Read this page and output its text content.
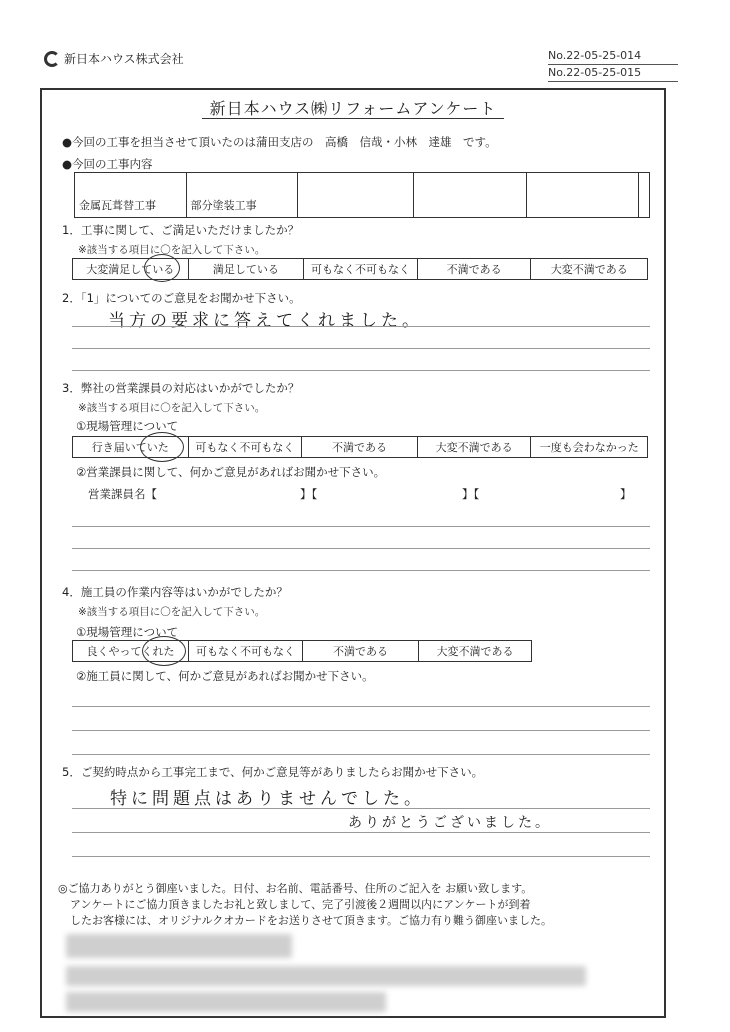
新日本ハウス株式会社	No.22-05-25-014
No.22-05-25-015
新日本ハウス㈱リフォームアンケート
●今回の工事を担当させて頂いたのは蒲田支店の　高橋　信哉・小林　達雄　です。
●今回の工事内容
金属瓦葺替工事	部分塗装工事
1．工事に関して、ご満足いただけましたか？
※該当する項目に〇を記入して下さい。
大変満足している	満足している	可もなく不可もなく	不満である	大変不満である
2．「1」についてのご意見をお聞かせ下さい。
当方の要求に答えてくれました。
3．弊社の営業課員の対応はいかがでしたか？
※該当する項目に〇を記入して下さい。
①現場管理について
行き届いていた	可もなく不可もなく	不満である	大変不満である	一度も会わなかった
②営業課員に関して、何かご意見があればお聞かせ下さい。
営業課員名【	】【	】【	】
4．施工員の作業内容等はいかがでしたか？
※該当する項目に〇を記入して下さい。
①現場管理について
良くやってくれた	可もなく不可もなく	不満である	大変不満である
②施工員に関して、何かご意見があればお聞かせ下さい。
5．ご契約時点から工事完工まで、何かご意見等がありましたらお聞かせ下さい。
特に問題点はありませんでした。
ありがとうございました。
◎ご協力ありがとう御座いました。日付、お名前、電話番号、住所のご記入を お願い致します。
アンケートにご協力頂きましたお礼と致しまして、完了引渡後２週間以内にアンケートが到着
したお客様には、オリジナルクオカードをお送りさせて頂きます。ご協力有り難う御座いました。
